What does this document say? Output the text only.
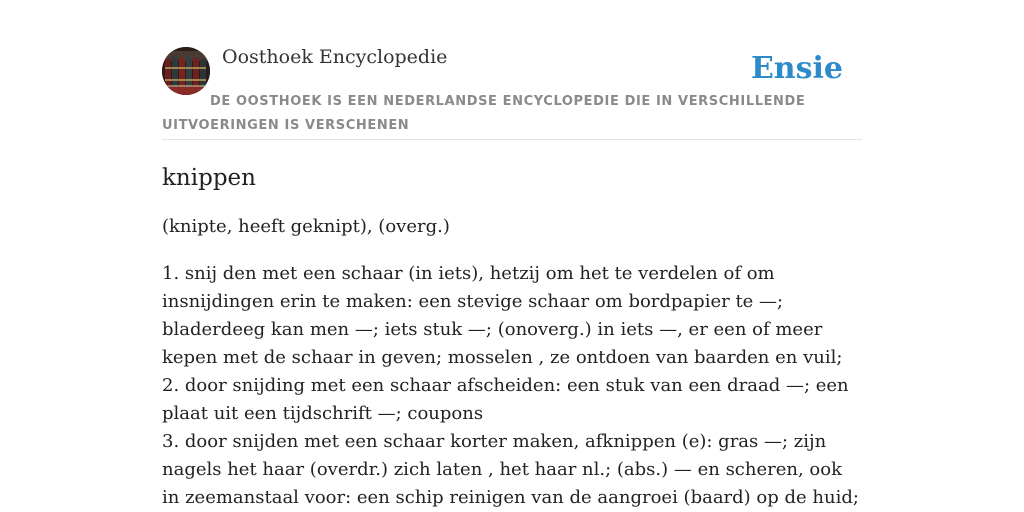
Oosthoek Encyclopedie	Ensie
DE OOSTHOEK IS EEN NEDERLANDSE ENCYCLOPEDIE DIE IN VERSCHILLENDE UITVOERINGEN IS VERSCHENEN
knippen
(knipte, heeft geknipt), (overg.)

1. snij den met een schaar (in iets), hetzij om het te verdelen of om insnijdingen erin te maken: een stevige schaar om bordpapier te —; bladerdeeg kan men —; iets stuk —; (onoverg.) in iets —, er een of meer kepen met de schaar in geven; mosselen , ze ontdoen van baarden en vuil;

2. door snijding met een schaar afscheiden: een stuk van een draad —; een plaat uit een tijdschrift —; coupons

3. door snijden met een schaar korter maken, afknippen (e): gras —; zijn nagels het haar (overdr.) zich laten , het haar nl.; (abs.) — en scheren, ook in zeemanstaal voor: een schip reinigen van de aangroei (baard) op de huid;
